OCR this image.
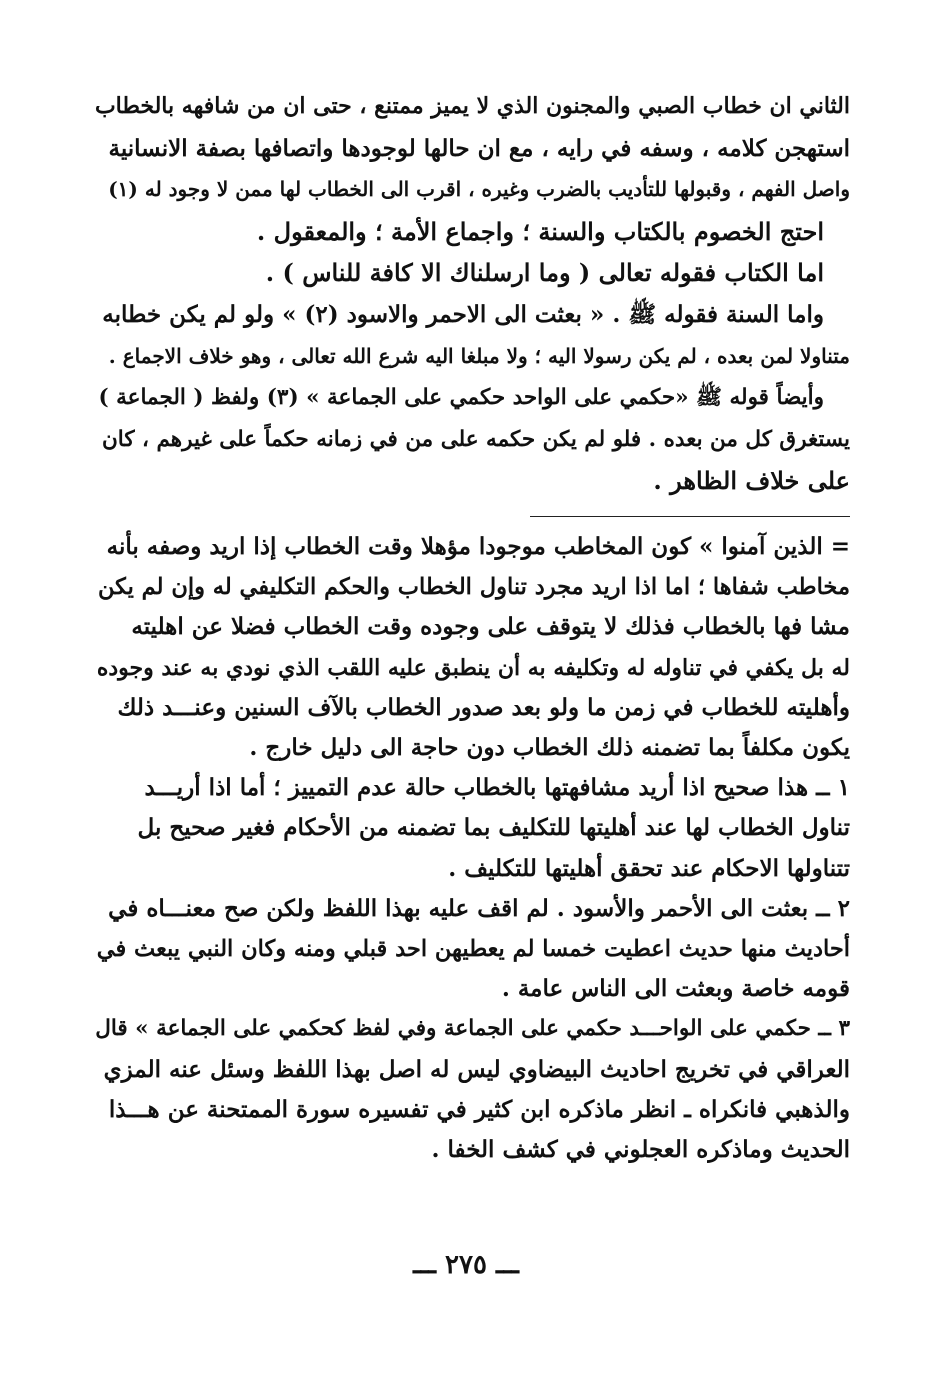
الثاني ان خطاب الصبي والمجنون الذي لا يميز ممتنع ، حتى ان من شافهه بالخطاب

استهجن كلامه ، وسفه في رايه ، مع ان حالها لوجودها واتصافها بصفة الانسانية

واصل الفهم ، وقبولها للتأديب بالضرب وغيره ، اقرب الى الخطاب لها ممن لا وجود له (١)

احتج الخصوم بالكتاب والسنة ؛ واجماع الأمة ؛ والمعقول .

اما الكتاب فقوله تعالى ( وما ارسلناك الا كافة للناس ) .

واما السنة فقوله ﷺ . « بعثت الى الاحمر والاسود (٢) » ولو لم يكن خطابه

متناولا لمن بعده ، لم يكن رسولا اليه ؛ ولا مبلغا اليه شرع الله تعالى ، وهو خلاف الاجماع .

وأيضاً قوله ﷺ «حكمي على الواحد حكمي على الجماعة » (٣) ولفظ ( الجماعة )

يستغرق كل من بعده . فلو لم يكن حكمه على من في زمانه حكماً على غيرهم ، كان

على خلاف الظاهر .

= الذين آمنوا » كون المخاطب موجودا مؤهلا وقت الخطاب إذا اريد وصفه بأنه

مخاطب شفاها ؛ اما اذا اريد مجرد تناول الخطاب والحكم التكليفي له وإن لم يكن

مشا فها بالخطاب فذلك لا يتوقف على وجوده وقت الخطاب فضلا عن اهليته

له بل يكفي في تناوله له وتكليفه به أن ينطبق عليه اللقب الذي نودي به عند وجوده

وأهليته للخطاب في زمن ما ولو بعد صدور الخطاب بالآف السنين وعنـــد ذلك

يكون مكلفاً بما تضمنه ذلك الخطاب دون حاجة الى دليل خارج .

١ ــ هذا صحيح اذا أريد مشافهتها بالخطاب حالة عدم التمييز ؛ أما اذا أريـــد

تناول الخطاب لها عند أهليتها للتكليف بما تضمنه من الأحكام فغير صحيح بل

تتناولها الاحكام عند تحقق أهليتها للتكليف .

٢ ــ بعثت الى الأحمر والأسود . لم اقف عليه بهذا اللفظ ولكن صح معنـــاه في

أحاديث منها حديث اعطيت خمسا لم يعطيهن احد قبلي ومنه وكان النبي يبعث في

قومه خاصة وبعثت الى الناس عامة .

٣ ــ حكمي على الواحـــد حكمي على الجماعة وفي لفظ كحكمي على الجماعة » قال

العراقي في تخريج احاديث البيضاوي ليس له اصل بهذا اللفظ وسئل عنه المزي

والذهبي فانكراه ـ انظر ماذكره ابن كثير في تفسيره سورة الممتحنة عن هـــذا

الحديث وماذكره العجلوني في كشف الخفا .

ـــ ٢٧٥ ـــ
